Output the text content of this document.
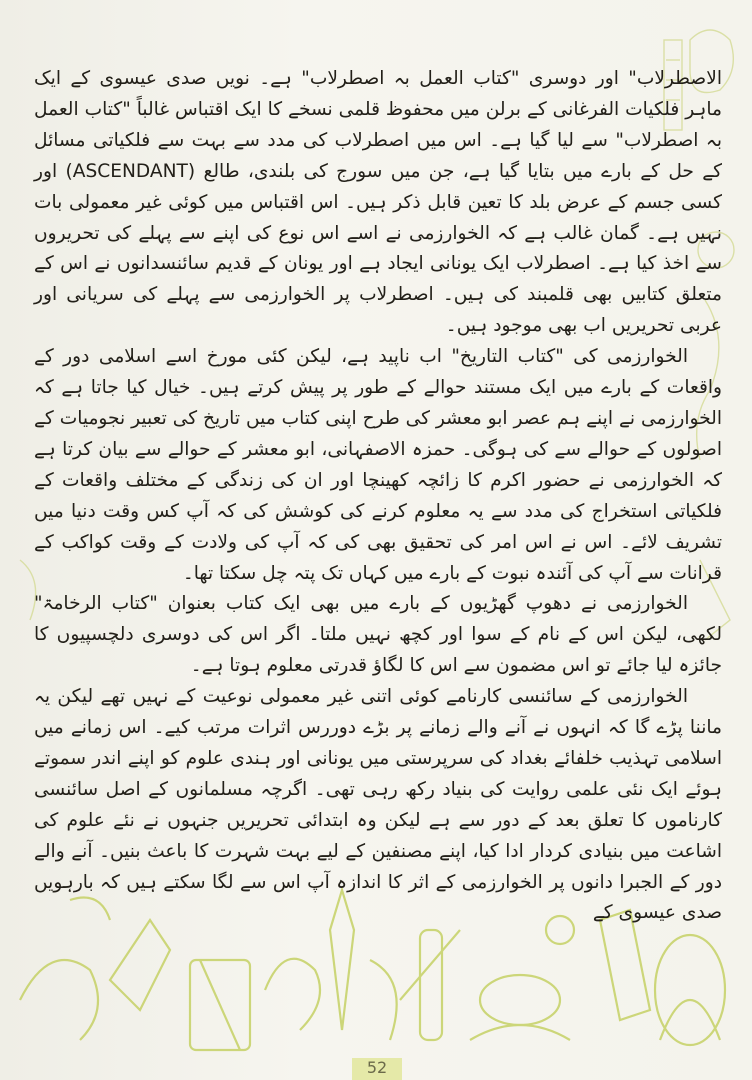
الاصطرلاب" اور دوسری "کتاب العمل بہ اصطرلاب" ہے۔ نویں صدی عیسوی کے ایک ماہر فلکیات الفرغانی کے برلن میں محفوظ قلمی نسخے کا ایک اقتباس غالباً "کتاب العمل بہ اصطرلاب" سے لیا گیا ہے۔ اس میں اصطرلاب کی مدد سے بہت سے فلکیاتی مسائل کے حل کے بارے میں بتایا گیا ہے، جن میں سورج کی بلندی، طالع (ASCENDANT) اور کسی جسم کے عرض بلد کا تعین قابل ذکر ہیں۔ اس اقتباس میں کوئی غیر معمولی بات نہیں ہے۔ گمان غالب ہے کہ الخوارزمی نے اسے اس نوع کی اپنے سے پہلے کی تحریروں سے اخذ کیا ہے۔ اصطرلاب ایک یونانی ایجاد ہے اور یونان کے قدیم سائنسدانوں نے اس کے متعلق کتابیں بھی قلمبند کی ہیں۔ اصطرلاب پر الخوارزمی سے پہلے کی سریانی اور عربی تحریریں اب بھی موجود ہیں۔

الخوارزمی کی "کتاب التاریخ" اب ناپید ہے، لیکن کئی مورخ اسے اسلامی دور کے واقعات کے بارے میں ایک مستند حوالے کے طور پر پیش کرتے ہیں۔ خیال کیا جاتا ہے کہ الخوارزمی نے اپنے ہم عصر ابو معشر کی طرح اپنی کتاب میں تاریخ کی تعبیر نجومیات کے اصولوں کے حوالے سے کی ہوگی۔ حمزہ الاصفہانی، ابو معشر کے حوالے سے بیان کرتا ہے کہ الخوارزمی نے حضور اکرم کا زائچہ کھینچا اور ان کی زندگی کے مختلف واقعات کے فلکیاتی استخراج کی مدد سے یہ معلوم کرنے کی کوشش کی کہ آپ کس وقت دنیا میں تشریف لائے۔ اس نے اس امر کی تحقیق بھی کی کہ آپ کی ولادت کے وقت کواکب کے قرانات سے آپ کی آئندہ نبوت کے بارے میں کہاں تک پتہ چل سکتا تھا۔

الخوارزمی نے دھوپ گھڑیوں کے بارے میں بھی ایک کتاب بعنوان "کتاب الرخامۃ" لکھی، لیکن اس کے نام کے سوا اور کچھ نہیں ملتا۔ اگر اس کی دوسری دلچسپیوں کا جائزہ لیا جائے تو اس مضمون سے اس کا لگاؤ قدرتی معلوم ہوتا ہے۔

الخوارزمی کے سائنسی کارنامے کوئی اتنی غیر معمولی نوعیت کے نہیں تھے لیکن یہ ماننا پڑے گا کہ انہوں نے آنے والے زمانے پر بڑے دوررس اثرات مرتب کیے۔ اس زمانے میں اسلامی تہذیب خلفائے بغداد کی سرپرستی میں یونانی اور ہندی علوم کو اپنے اندر سموتے ہوئے ایک نئی علمی روایت کی بنیاد رکھ رہی تھی۔ اگرچہ مسلمانوں کے اصل سائنسی کارناموں کا تعلق بعد کے دور سے ہے لیکن وہ ابتدائی تحریریں جنہوں نے نئے علوم کی اشاعت میں بنیادی کردار ادا کیا، اپنے مصنفین کے لیے بہت شہرت کا باعث بنیں۔ آنے والے دور کے الجبرا دانوں پر الخوارزمی کے اثر کا اندازہ آپ اس سے لگا سکتے ہیں کہ بارہویں صدی عیسوی کے

52
